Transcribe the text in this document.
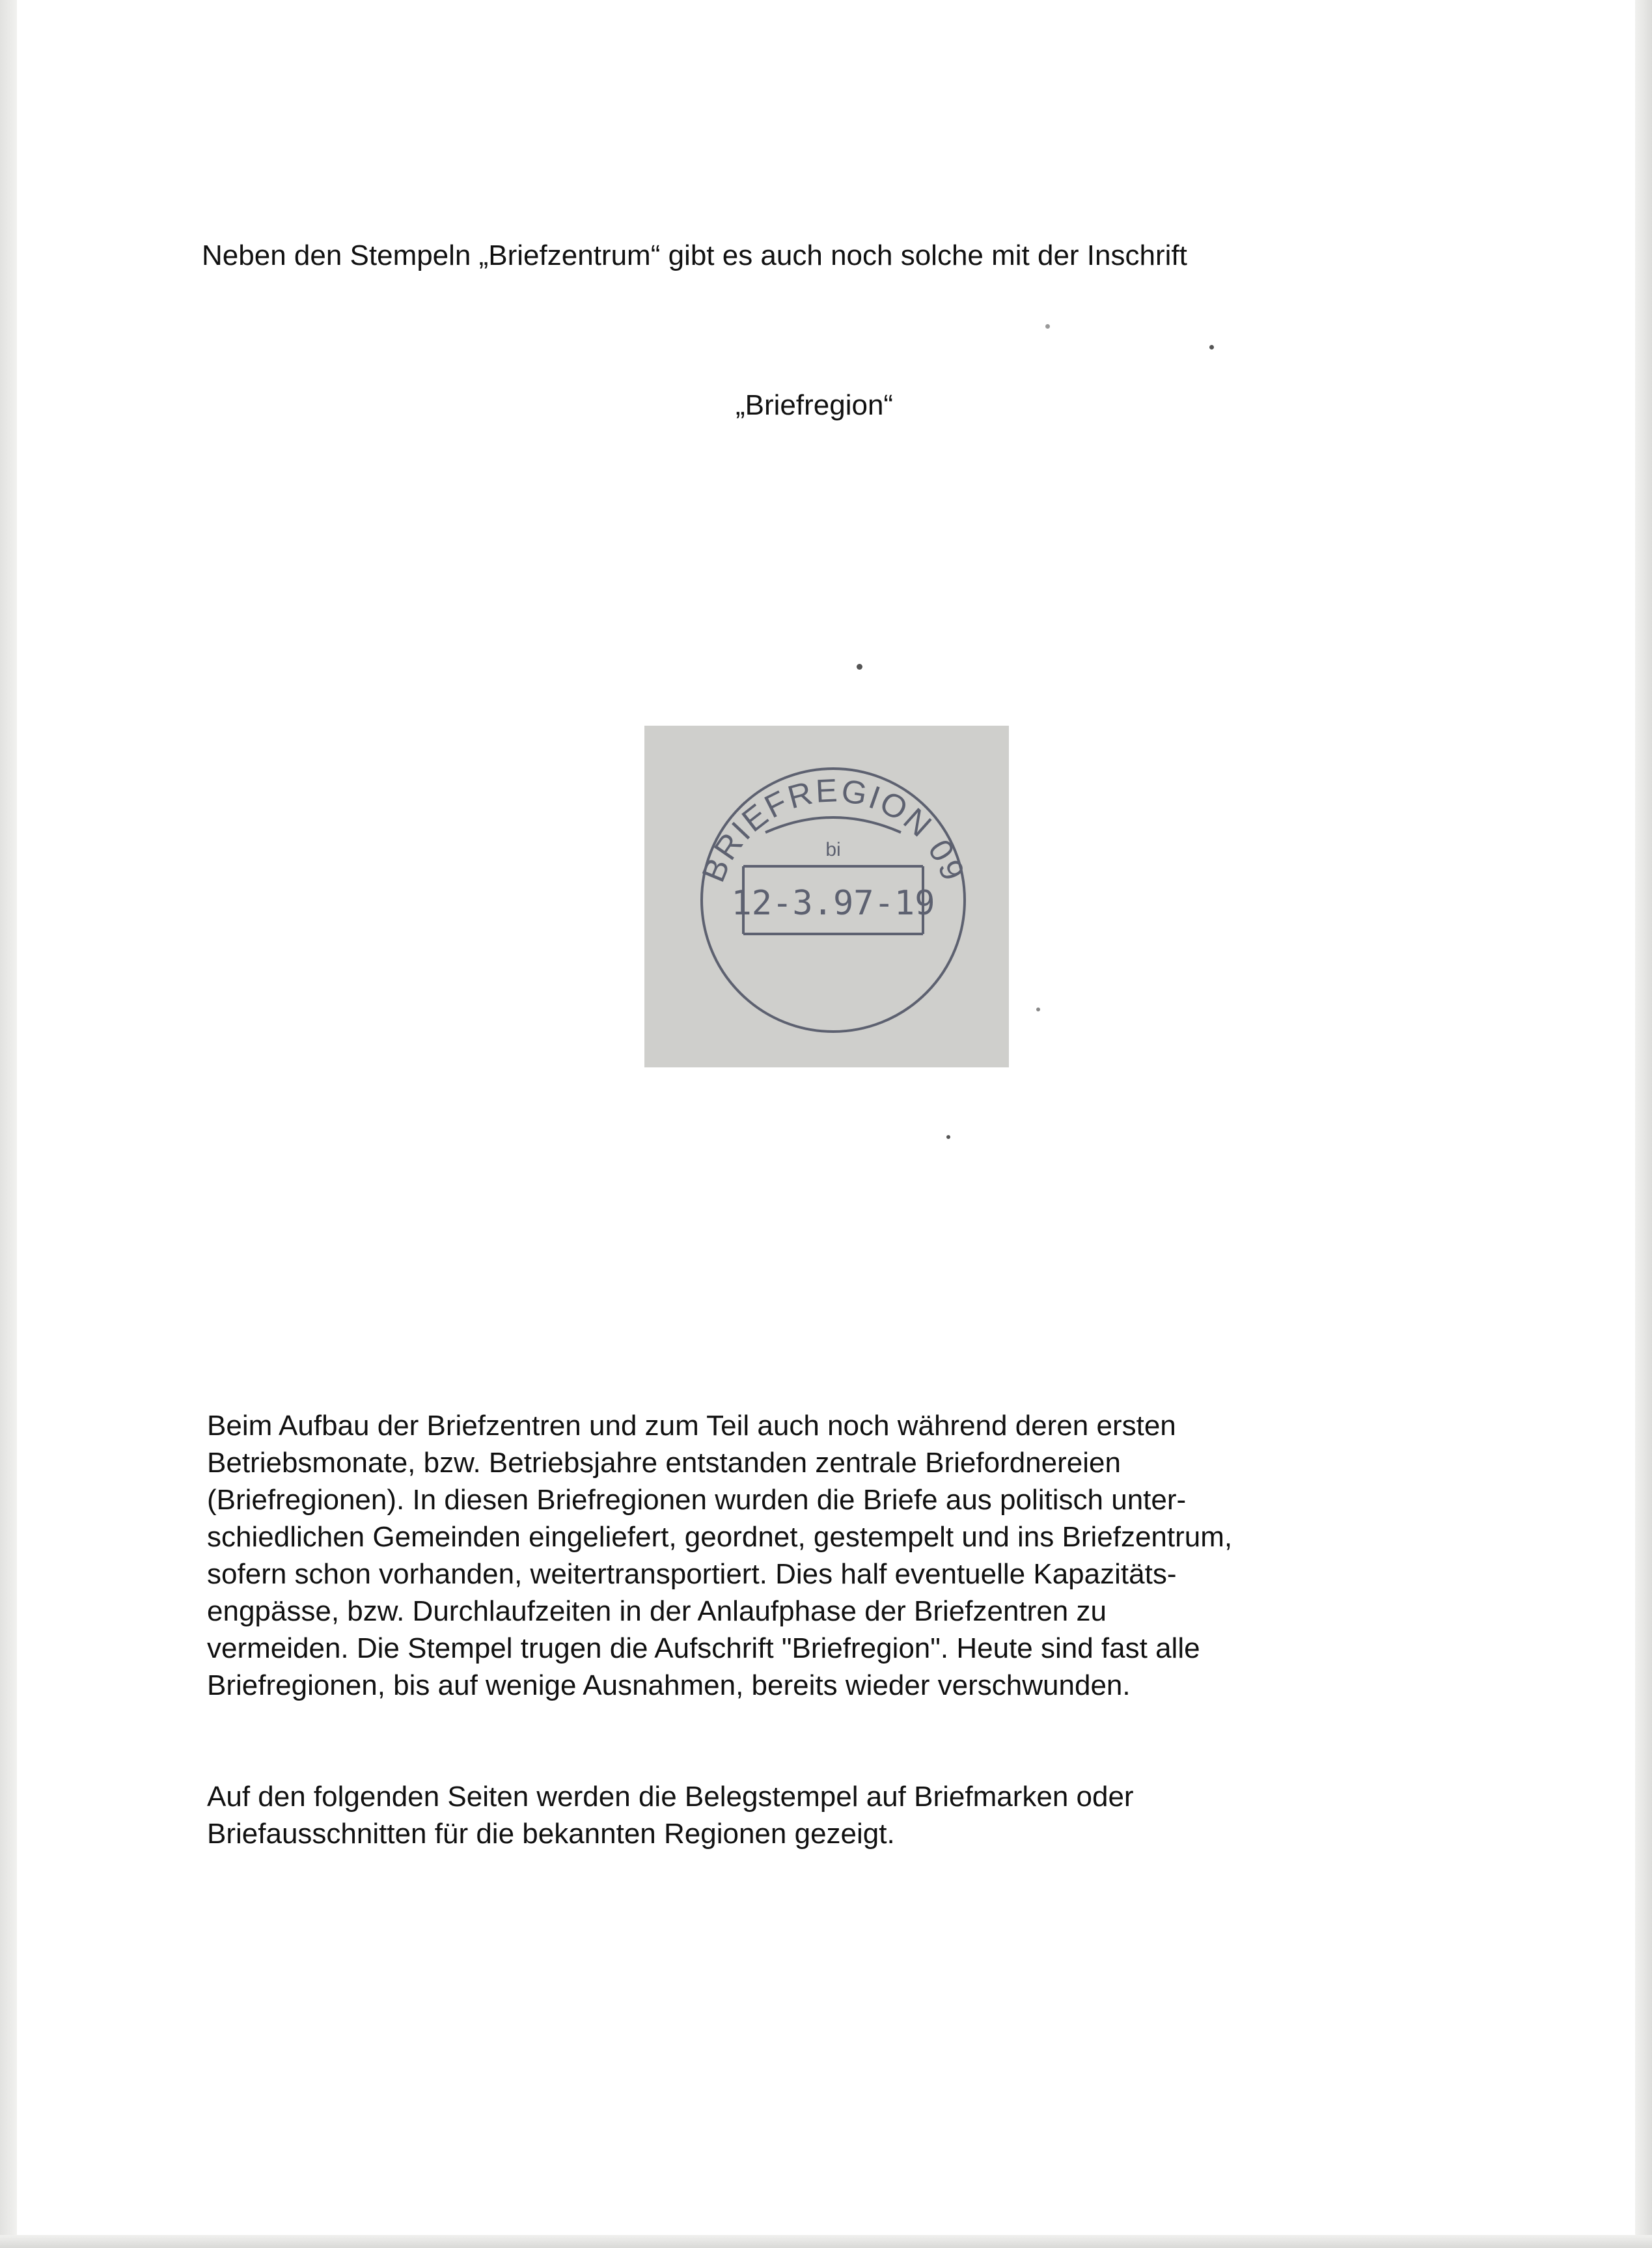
Neben den Stempeln „Briefzentrum“ gibt es auch noch solche mit der Inschrift

„Briefregion“
BRIEFREGION 09
bi
12-3.97-19
Beim Aufbau der Briefzentren und zum Teil auch noch während deren ersten
Betriebsmonate, bzw. Betriebsjahre entstanden zentrale Briefordnereien
(Briefregionen). In diesen Briefregionen wurden die Briefe aus politisch unter-
schiedlichen Gemeinden eingeliefert, geordnet, gestempelt und ins Briefzentrum,
sofern schon vorhanden, weitertransportiert. Dies half eventuelle Kapazitäts-
engpässe, bzw. Durchlaufzeiten in der Anlaufphase der Briefzentren zu
vermeiden. Die Stempel trugen die Aufschrift "Briefregion". Heute sind fast alle
Briefregionen, bis auf wenige Ausnahmen, bereits wieder verschwunden.
Auf den folgenden Seiten werden die Belegstempel auf Briefmarken oder
Briefausschnitten für die bekannten Regionen gezeigt.
